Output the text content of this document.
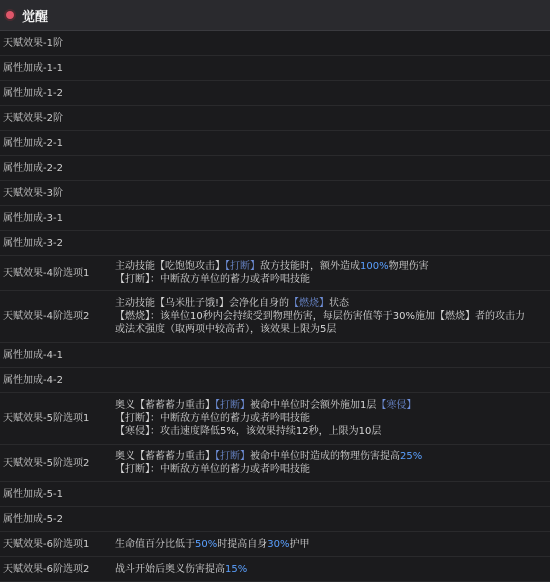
觉醒
天赋效果-1阶
属性加成-1-1
属性加成-1-2
天赋效果-2阶
属性加成-2-1
属性加成-2-2
天赋效果-3阶
属性加成-3-1
属性加成-3-2
天赋效果-4阶选项1
主动技能【吃饱饱攻击】【打断】敌方技能时，额外造成100%物理伤害
【打断】：中断敌方单位的蓄力或者吟唱技能
天赋效果-4阶选项2
主动技能【乌米肚子饿!】会净化自身的【燃烧】状态
【燃烧】：该单位10秒内会持续受到物理伤害，每层伤害值等于30%施加【燃烧】者的攻击力
或法术强度（取两项中较高者），该效果上限为5层
属性加成-4-1
属性加成-4-2
天赋效果-5阶选项1
奥义【蓄蓄蓄力重击】【打断】被命中单位时会额外施加1层【寒侵】
【打断】：中断敌方单位的蓄力或者吟唱技能
【寒侵】：攻击速度降低5%，该效果持续12秒，上限为10层
天赋效果-5阶选项2
奥义【蓄蓄蓄力重击】【打断】被命中单位时造成的物理伤害提高25%
【打断】：中断敌方单位的蓄力或者吟唱技能
属性加成-5-1
属性加成-5-2
天赋效果-6阶选项1	生命值百分比低于50%时提高自身30%护甲
天赋效果-6阶选项2	战斗开始后奥义伤害提高15%
